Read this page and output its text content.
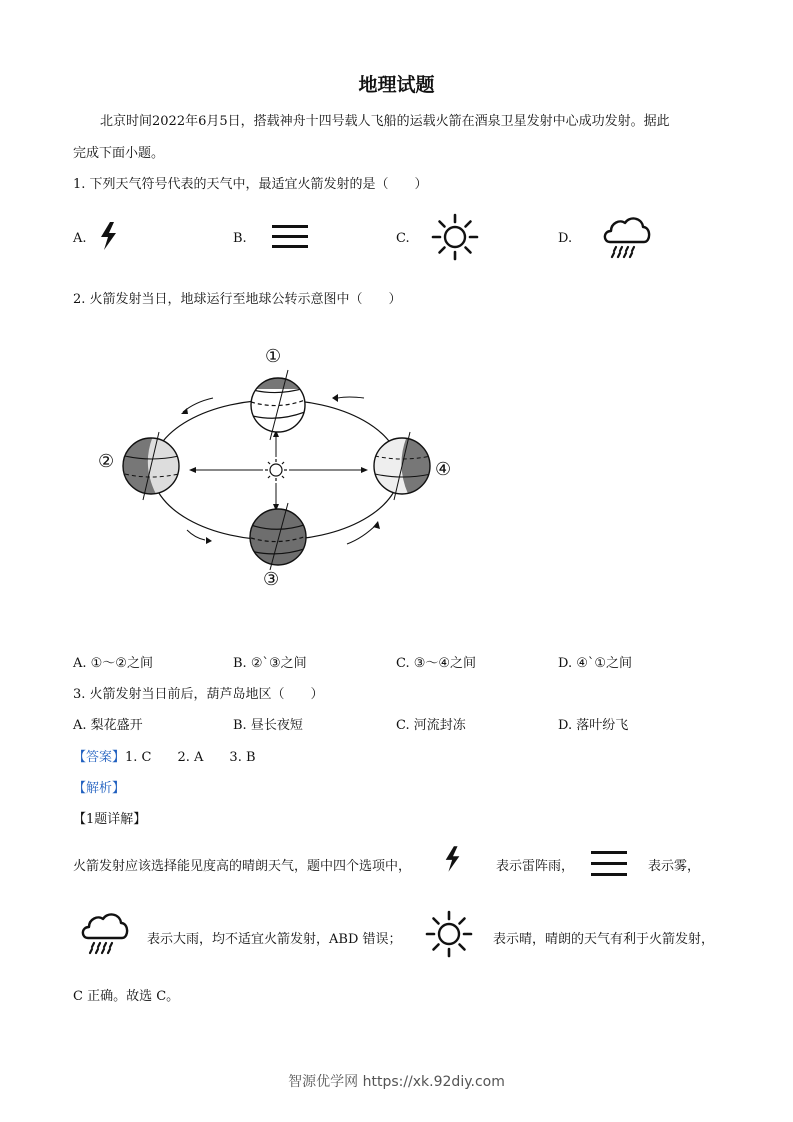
地理试题
北京时间2022年6月5日，搭载神舟十四号载人飞船的运载火箭在酒泉卫星发射中心成功发射。据此
完成下面小题。
1. 下列天气符号代表的天气中，最适宜火箭发射的是（　　）
A.	B.	C.	D.
2. 火箭发射当日，地球运行至地球公转示意图中（　　）
①
②
③
④
A. ①～②之间	B. ②`③之间	C. ③～④之间	D. ④`①之间
3. 火箭发射当日前后，葫芦岛地区（　　）
A. 梨花盛开	B. 昼长夜短	C. 河流封冻	D. 落叶纷飞
【答案】1. C　　2. A　　3. B
【解析】
【1题详解】
火箭发射应该选择能见度高的晴朗天气，题中四个选项中，	表示雷阵雨，	表示雾，
表示大雨，均不适宜火箭发射，ABD 错误；	表示晴，晴朗的天气有利于火箭发射，
C 正确。故选 C。
智源优学网 https://xk.92diy.com
